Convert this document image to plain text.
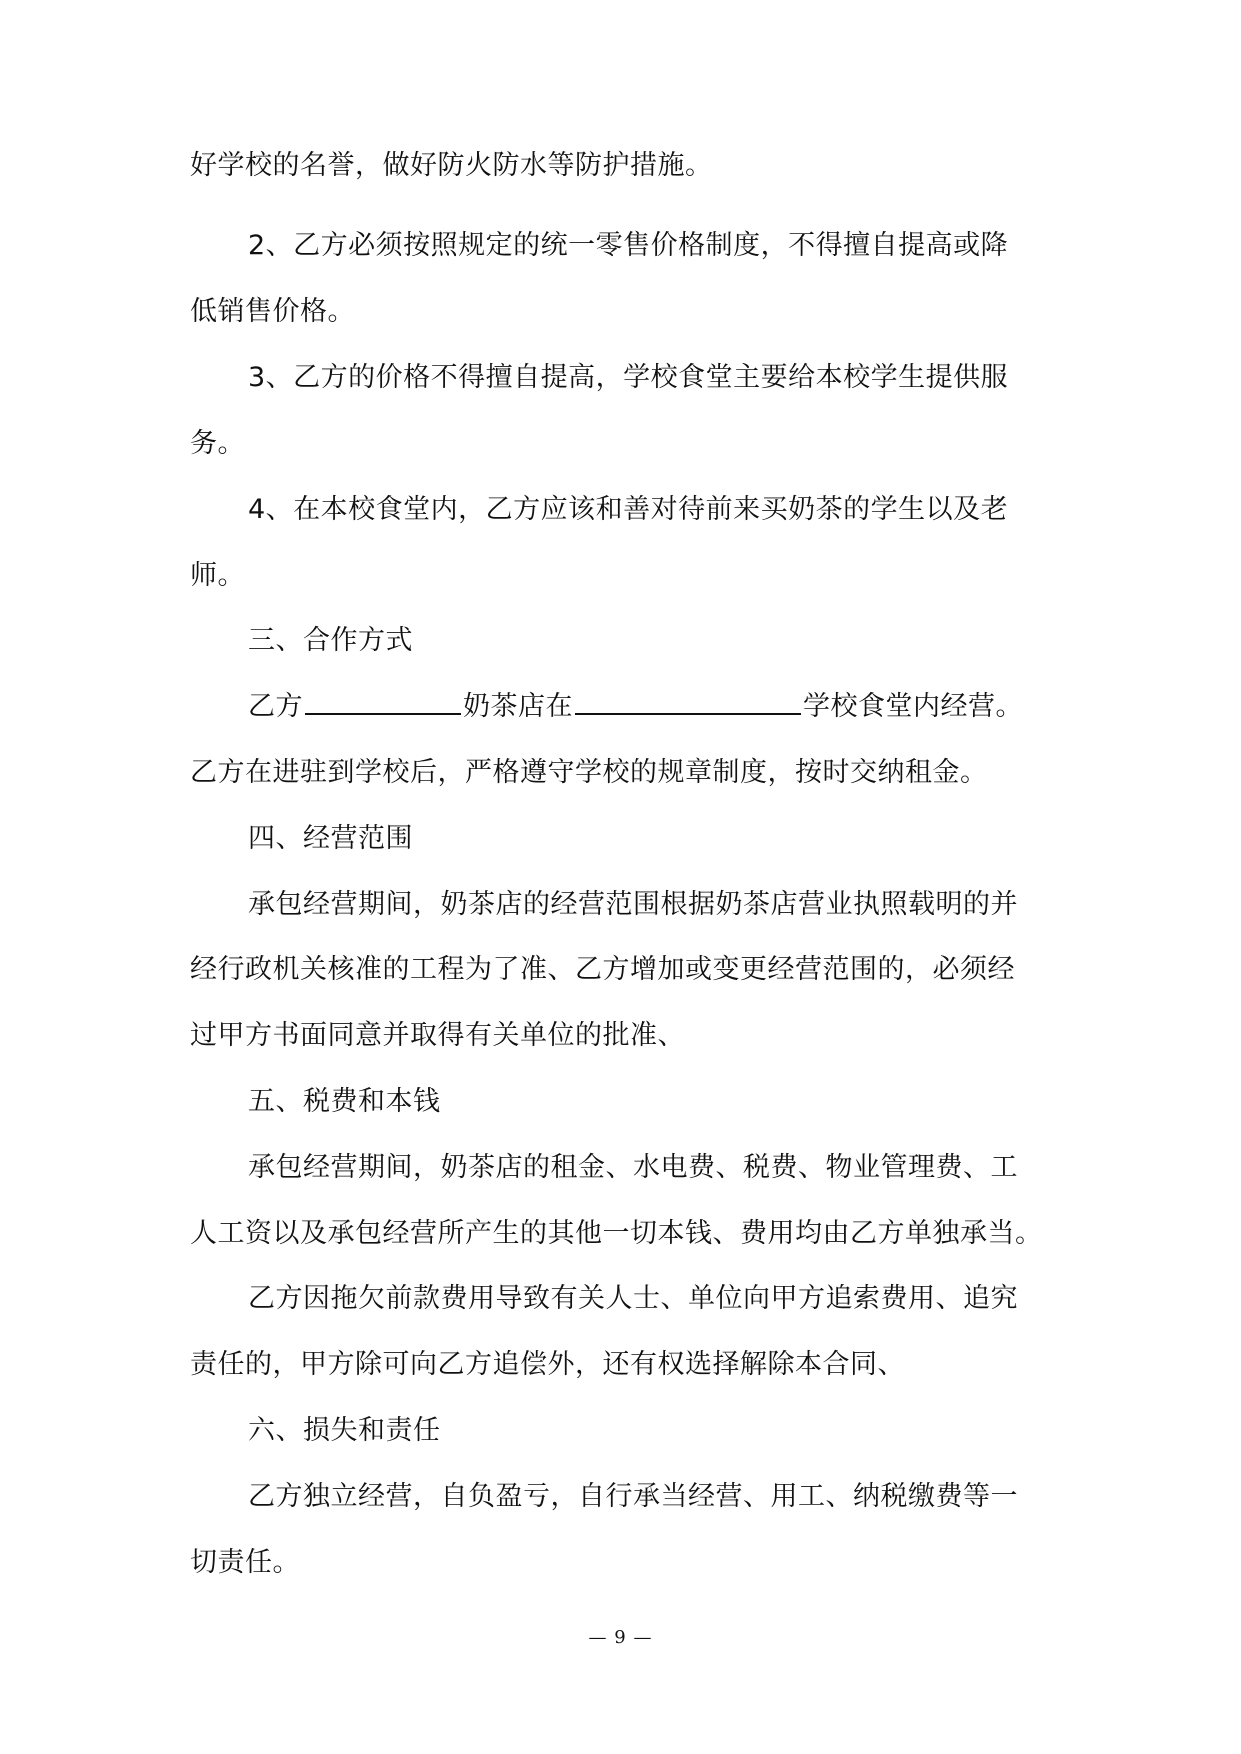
好学校的名誉，做好防火防水等防护措施。
2、乙方必须按照规定的统一零售价格制度，不得擅自提高或降
低销售价格。
3、乙方的价格不得擅自提高，学校食堂主要给本校学生提供服
务。
4、在本校食堂内，乙方应该和善对待前来买奶茶的学生以及老
师。
三、合作方式
乙方	奶茶店在	学校食堂内经营。
乙方在进驻到学校后，严格遵守学校的规章制度，按时交纳租金。
四、经营范围
承包经营期间，奶茶店的经营范围根据奶茶店营业执照载明的并
经行政机关核准的工程为了准、乙方增加或变更经营范围的，必须经
过甲方书面同意并取得有关单位的批准、
五、税费和本钱
承包经营期间，奶茶店的租金、水电费、税费、物业管理费、工
人工资以及承包经营所产生的其他一切本钱、费用均由乙方单独承当。
乙方因拖欠前款费用导致有关人士、单位向甲方追索费用、追究
责任的，甲方除可向乙方追偿外，还有权选择解除本合同、
六、损失和责任
乙方独立经营，自负盈亏，自行承当经营、用工、纳税缴费等一
切责任。
— 9 —
